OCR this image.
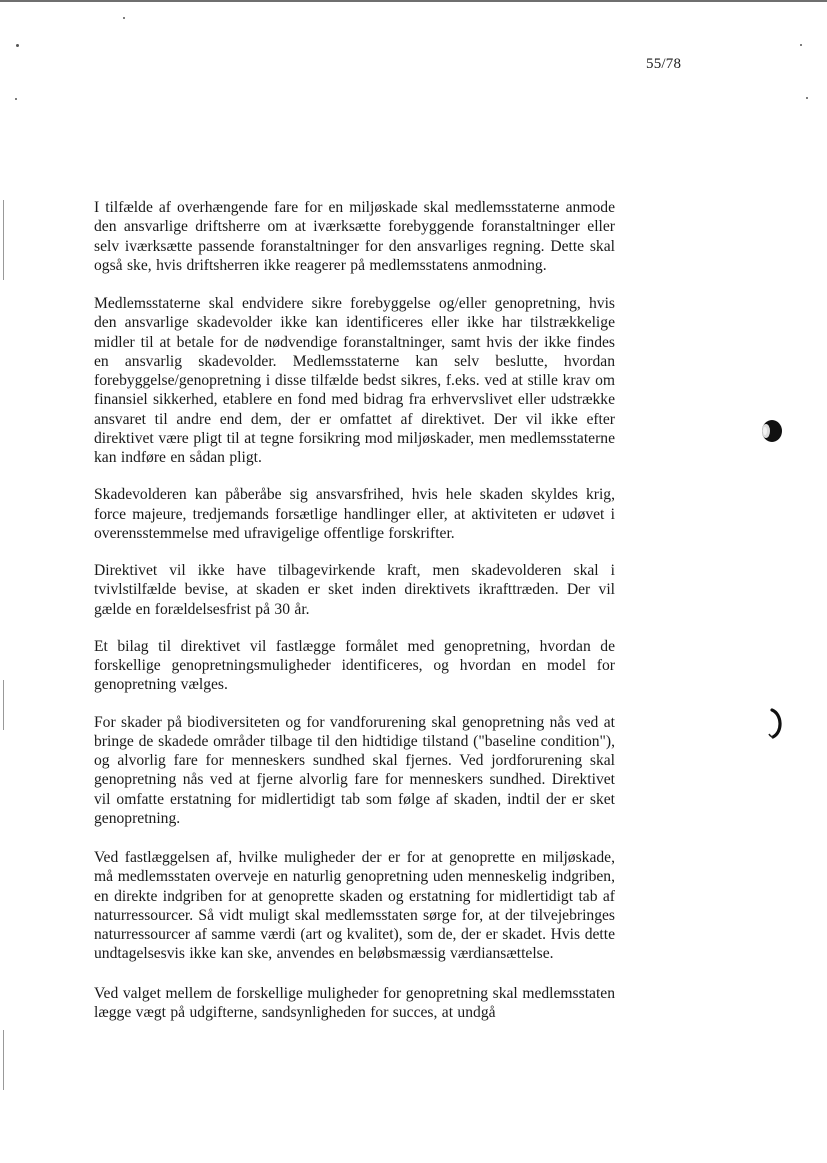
55/78

I tilfælde af overhængende fare for en miljøskade skal medlemsstaterne anmode den ansvarlige driftsherre om at iværksætte forebyggende foranstaltninger eller selv iværksætte passende foranstaltninger for den ansvarliges regning. Dette skal også ske, hvis driftsherren ikke reagerer på medlemsstatens anmodning.

Medlemsstaterne skal endvidere sikre forebyggelse og/eller genopretning, hvis den ansvarlige skadevolder ikke kan identificeres eller ikke har tilstrækkelige midler til at betale for de nødvendige foranstaltninger, samt hvis der ikke findes en ansvarlig skadevolder. Medlemsstaterne kan selv beslutte, hvordan forebyggelse/genopretning i disse tilfælde bedst sikres, f.eks. ved at stille krav om finansiel sikkerhed, etablere en fond med bidrag fra erhvervslivet eller udstrække ansvaret til andre end dem, der er omfattet af direktivet. Der vil ikke efter direktivet være pligt til at tegne forsikring mod miljøskader, men medlemsstaterne kan indføre en sådan pligt.

Skadevolderen kan påberåbe sig ansvarsfrihed, hvis hele skaden skyldes krig, force majeure, tredjemands forsætlige handlinger eller, at aktiviteten er udøvet i overensstemmelse med ufravigelige offentlige forskrifter.

Direktivet vil ikke have tilbagevirkende kraft, men skadevolderen skal i tvivlstilfælde bevise, at skaden er sket inden direktivets ikrafttræden. Der vil gælde en forældelsesfrist på 30 år.

Et bilag til direktivet vil fastlægge formålet med genopretning, hvordan de forskellige genopretningsmuligheder identificeres, og hvordan en model for genopretning vælges.

For skader på biodiversiteten og for vandforurening skal genopretning nås ved at bringe de skadede områder tilbage til den hidtidige tilstand ("baseline condition"), og alvorlig fare for menneskers sundhed skal fjernes. Ved jordforurening skal genopretning nås ved at fjerne alvorlig fare for menneskers sundhed. Direktivet vil omfatte erstatning for midlertidigt tab som følge af skaden, indtil der er sket genopretning.

Ved fastlæggelsen af, hvilke muligheder der er for at genoprette en miljøskade, må medlemsstaten overveje en naturlig genopretning uden menneskelig indgriben, en direkte indgriben for at genoprette skaden og erstatning for midlertidigt tab af naturressourcer. Så vidt muligt skal medlemsstaten sørge for, at der tilvejebringes naturressourcer af samme værdi (art og kvalitet), som de, der er skadet. Hvis dette undtagelsesvis ikke kan ske, anvendes en beløbsmæssig værdiansættelse.

Ved valget mellem de forskellige muligheder for genopretning skal medlemsstaten lægge vægt på udgifterne, sandsynligheden for succes, at undgå
